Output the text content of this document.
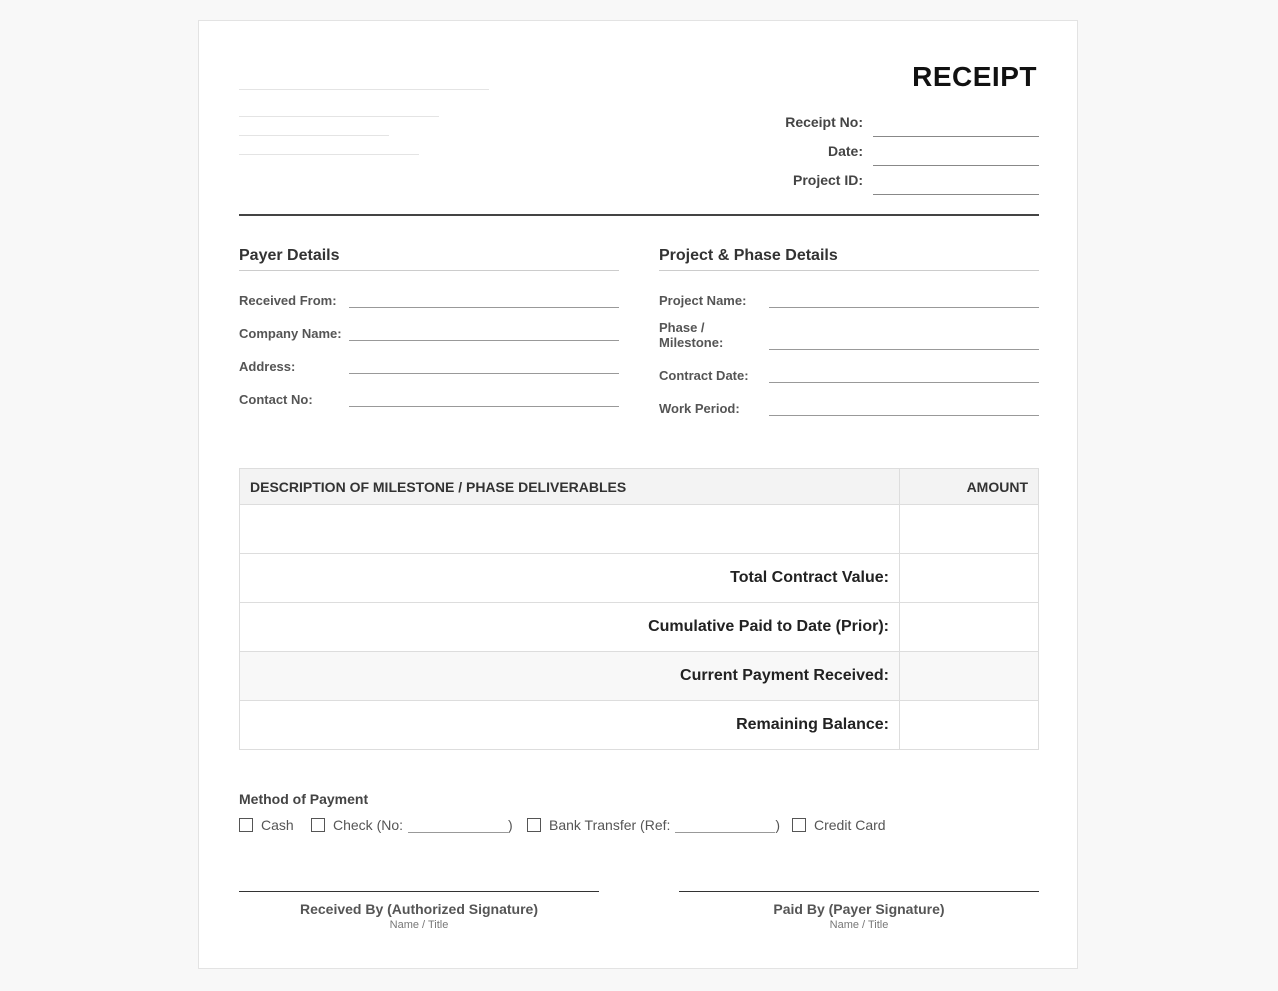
RECEIPT
Receipt No:
Date:
Project ID:
Payer Details
Received From:
Company Name:
Address:
Contact No:
Project & Phase Details
Project Name:
Phase / Milestone:
Contract Date:
Work Period:
DESCRIPTION OF MILESTONE / PHASE DELIVERABLES	AMOUNT

Total Contract Value:	
Cumulative Paid to Date (Prior):	
Current Payment Received:	
Remaining Balance:	
Method of Payment
Cash	Check (No:	)	Bank Transfer (Ref:	) Credit Card
Received By (Authorized Signature)
Name / Title
Paid By (Payer Signature)
Name / Title
